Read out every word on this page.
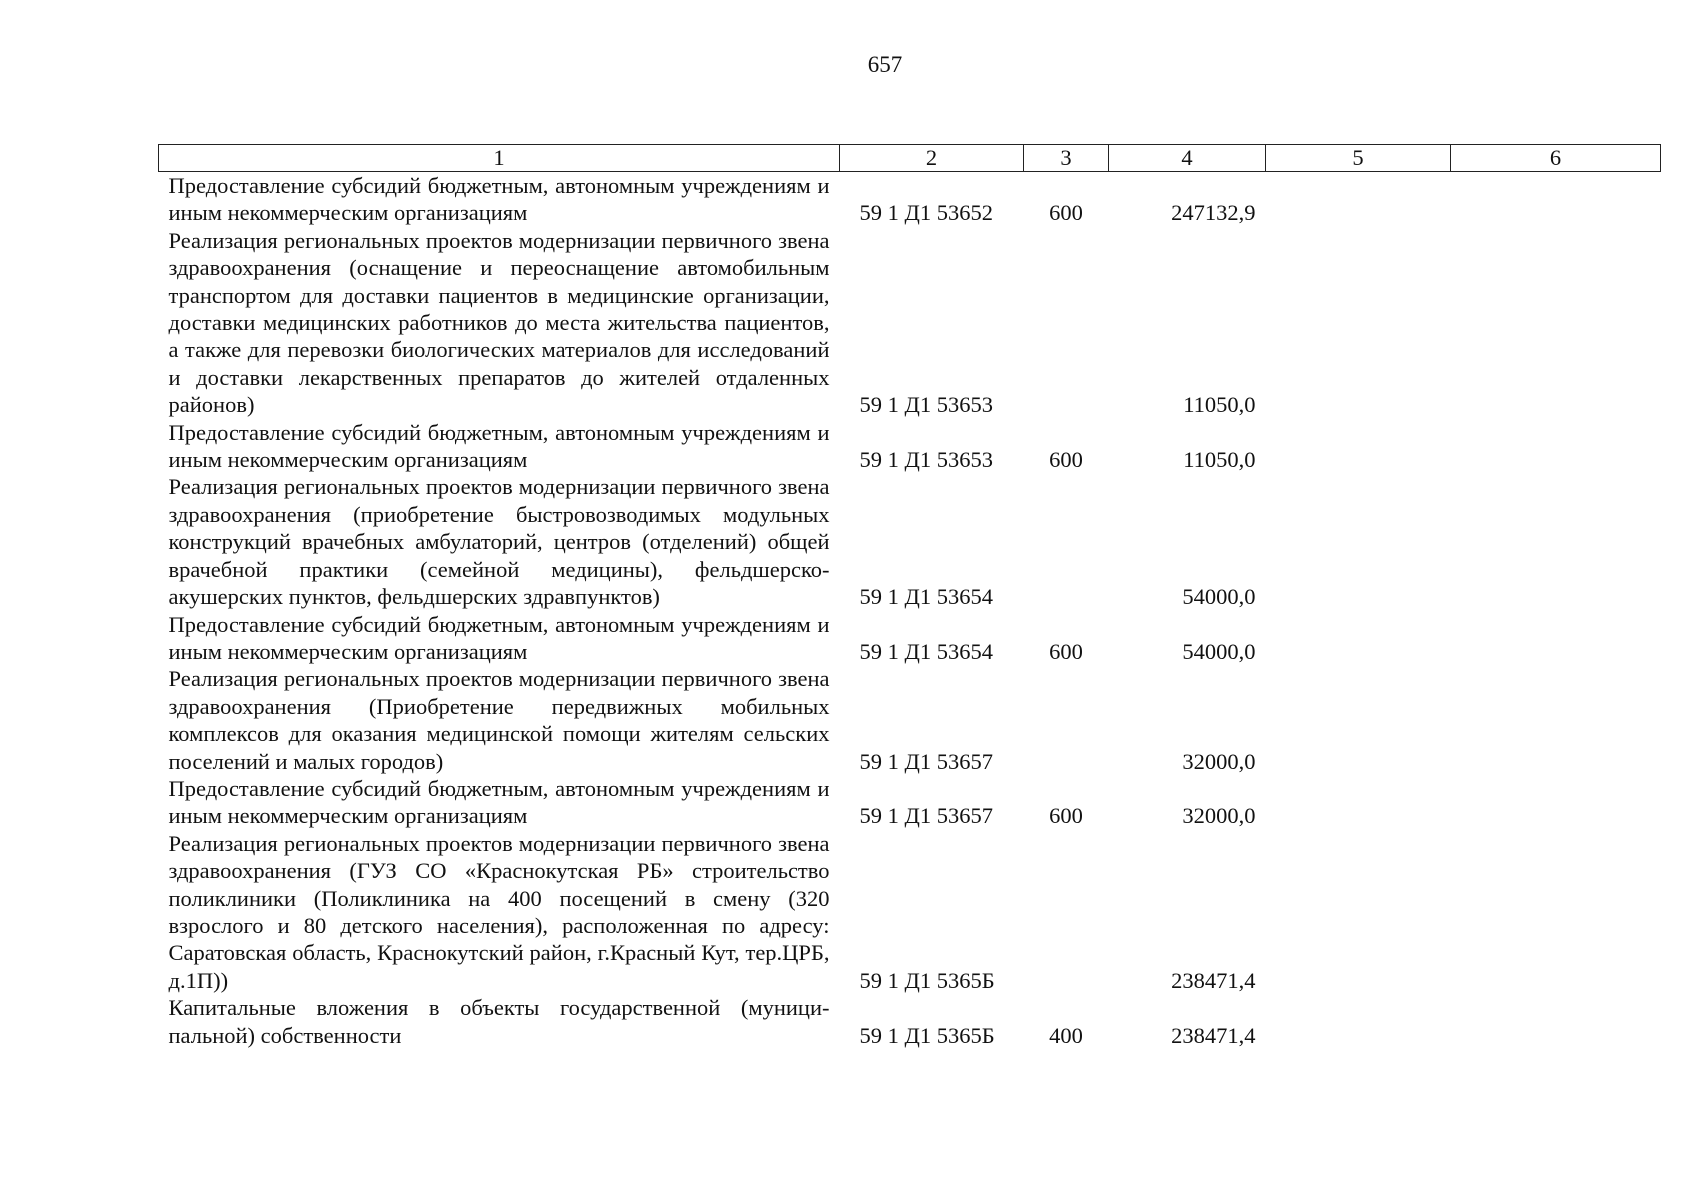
657
1	2	3	4	5	6
Предоставление субсидий бюджетным, автономным учреждениям и иным некоммерческим организациям	59 1 Д1 53652	600	247132,9		
Реализация региональных проектов модернизации первичного звена здравоохранения (оснащение и переоснащение автомобильным транспортом для доставки пациентов в медицинские организации, доставки медицинских работников до места жительства пациентов, а также для перевозки биологических материалов для исследований и доставки лекарственных препаратов до жителей отдаленных районов)	59 1 Д1 53653		11050,0		
Предоставление субсидий бюджетным, автономным учреждениям и иным некоммерческим организациям	59 1 Д1 53653	600	11050,0		
Реализация региональных проектов модернизации первичного звена здравоохранения (приобретение быстровозводимых модульных конструкций врачебных амбулаторий, центров (отделений) общей врачебной практики (семейной медицины), фельдшерско-акушерских пунктов, фельдшерских здравпунктов)	59 1 Д1 53654		54000,0		
Предоставление субсидий бюджетным, автономным учреждениям и иным некоммерческим организациям	59 1 Д1 53654	600	54000,0		
Реализация региональных проектов модернизации первичного звена здравоохранения (Приобретение передвижных мобильных комплексов для оказания медицинской помощи жителям сельских поселений и малых городов)	59 1 Д1 53657		32000,0		
Предоставление субсидий бюджетным, автономным учреждениям и иным некоммерческим организациям	59 1 Д1 53657	600	32000,0		
Реализация региональных проектов модернизации первичного звена здравоохранения (ГУЗ СО «Краснокутская РБ» строительство поликлиники (Поликлиника на 400 посещений в смену (320 взрослого и 80 детского населения), расположенная по адресу: Саратовская область, Краснокутский район, г.Красный Кут, тер.ЦРБ, д.1П))	59 1 Д1 5365Б		238471,4		
Капитальные вложения в объекты государственной (муниципальной) собственности	59 1 Д1 5365Б	400	238471,4		
